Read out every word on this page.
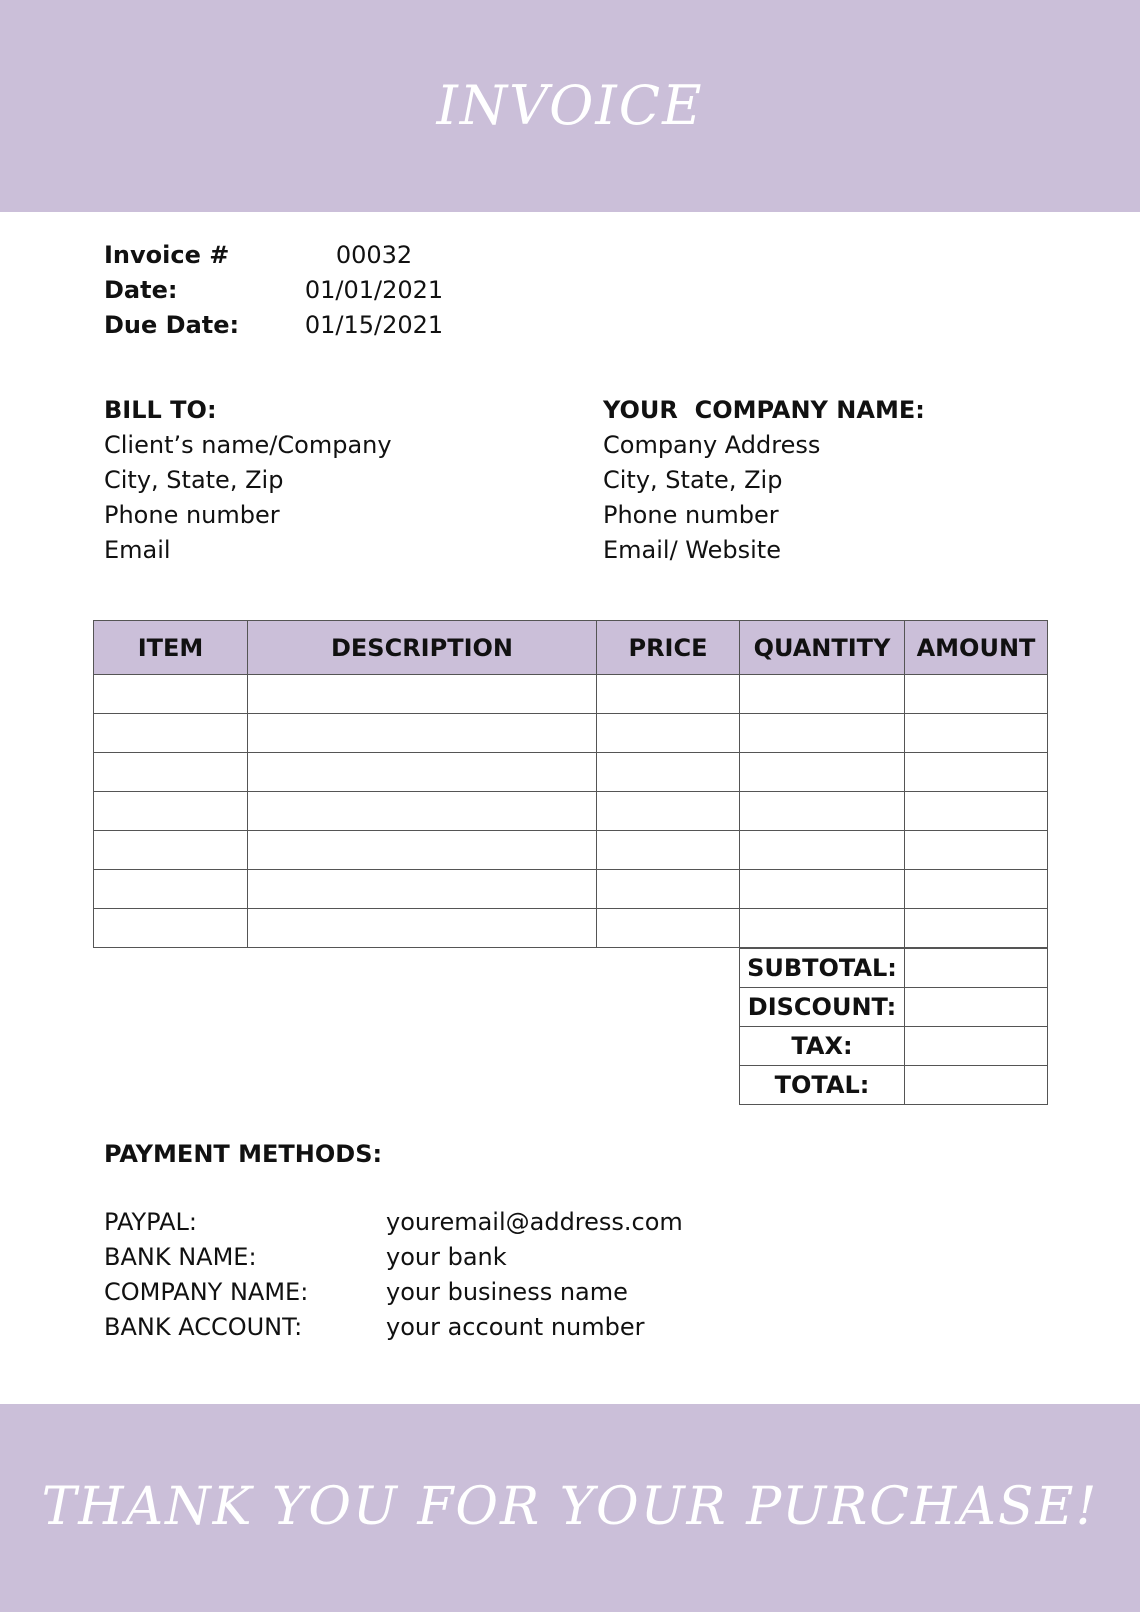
INVOICE
Invoice #	00032
Date:	01/01/2021
Due Date:	01/15/2021
BILL TO:
Client’s name/Company
City, State, Zip
Phone number
Email
YOUR  COMPANY NAME:
Company Address
City, State, Zip
Phone number
Email/ Website
ITEM	DESCRIPTION	PRICE	QUANTITY	AMOUNT

SUBTOTAL:	
DISCOUNT:	
TAX:	
TOTAL:	
PAYMENT METHODS:
PAYPAL:	youremail@address.com
BANK NAME:	your bank
COMPANY NAME:	your business name
BANK ACCOUNT:	your account number
THANK YOU FOR YOUR PURCHASE!
